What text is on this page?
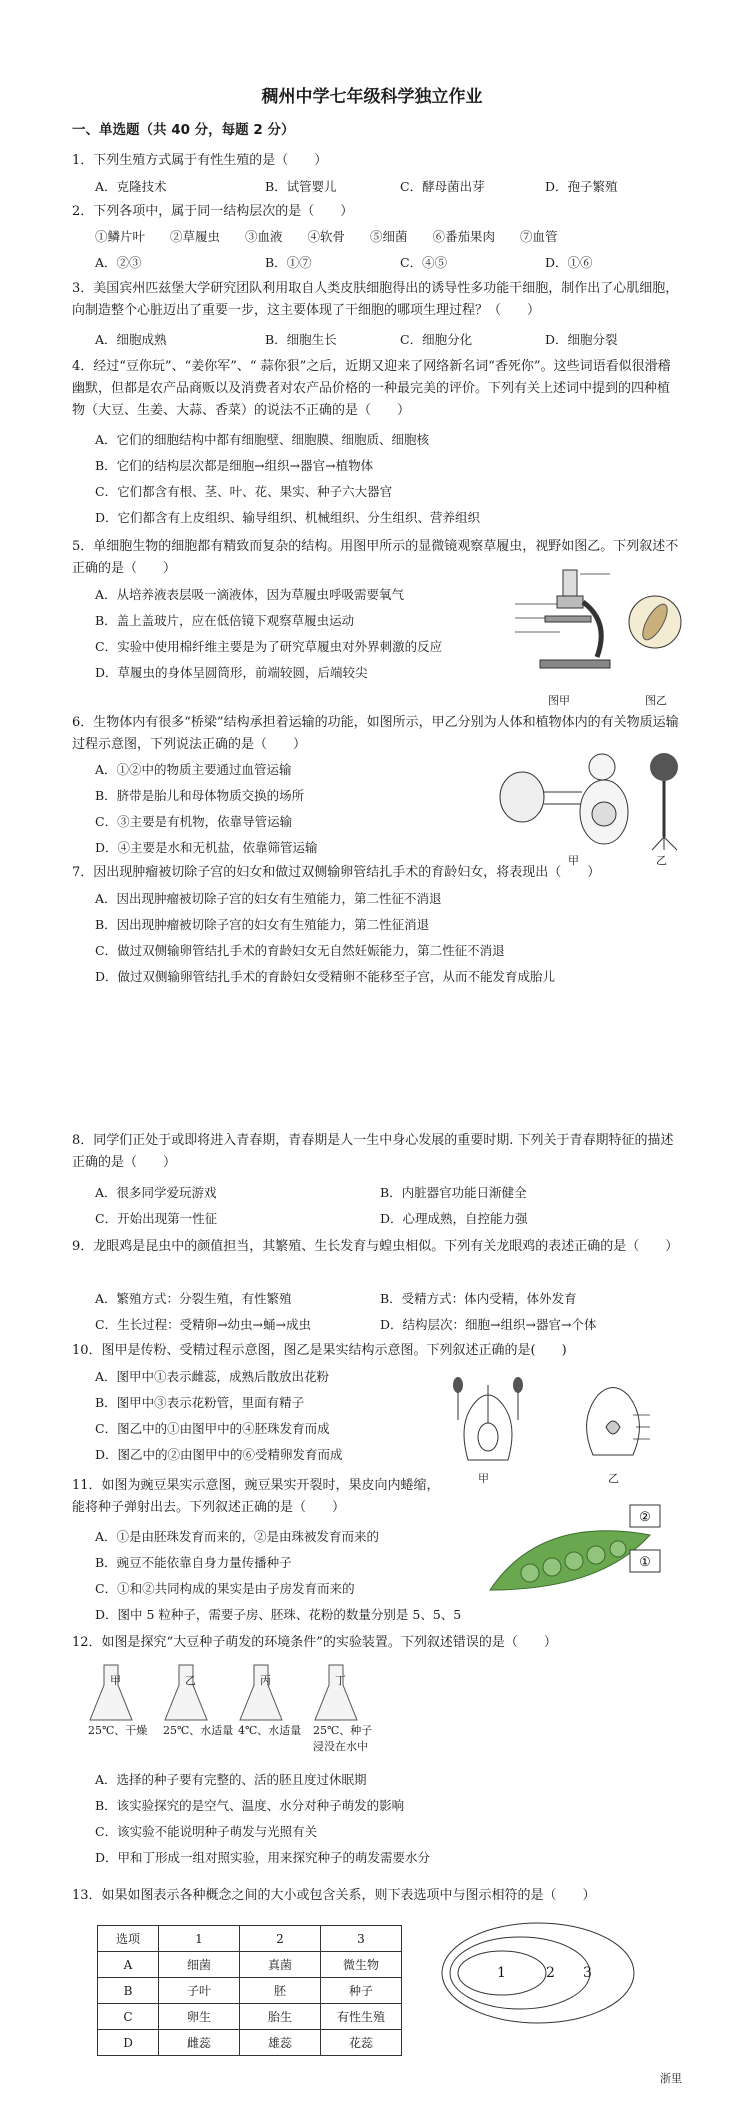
稠州中学七年级科学独立作业
一、单选题（共 40 分，每题 2 分）
1．下列生殖方式属于有性生殖的是（　　）
A．克隆技术	B．试管婴儿	C．酵母菌出芽	D．孢子繁殖
2．下列各项中，属于同一结构层次的是（　　）
①鳞片叶　　②草履虫　　③血液　　④软骨　　⑤细菌　　⑥番茄果肉　　⑦血管
A．②③	B．①⑦	C．④⑤	D．①⑥
3．美国宾州匹兹堡大学研究团队利用取自人类皮肤细胞得出的诱导性多功能干细胞，制作出了心肌细胞，向制造整个心脏迈出了重要一步，这主要体现了干细胞的哪项生理过程？（　　）
A．细胞成熟	B．细胞生长	C．细胞分化	D．细胞分裂
4．经过“豆你玩”、“姜你军”、“ 蒜你狠”之后，近期又迎来了网络新名词“香死你”。这些词语看似很滑稽幽默，但都是农产品商贩以及消费者对农产品价格的一种最完美的评价。下列有关上述词中提到的四种植物（大豆、生姜、大蒜、香菜）的说法不正确的是（　　）
A．它们的细胞结构中都有细胞壁、细胞膜、细胞质、细胞核
B．它们的结构层次都是细胞→组织→器官→植物体
C．它们都含有根、茎、叶、花、果实、种子六大器官
D．它们都含有上皮组织、输导组织、机械组织、分生组织、营养组织
5．单细胞生物的细胞都有精致而复杂的结构。用图甲所示的显微镜观察草履虫，视野如图乙。下列叙述不正确的是（　　）
A．从培养液表层吸一滴液体，因为草履虫呼吸需要氧气
B．盖上盖玻片，应在低倍镜下观察草履虫运动
C．实验中使用棉纤维主要是为了研究草履虫对外界刺激的反应
D．草履虫的身体呈圆筒形，前端较圆，后端较尖
图甲	图乙
6．生物体内有很多“桥梁”结构承担着运输的功能，如图所示，甲乙分别为人体和植物体内的有关物质运输过程示意图，下列说法正确的是（　　）
A．①②中的物质主要通过血管运输
B．脐带是胎儿和母体物质交换的场所
C．③主要是有机物，依靠导管运输
D．④主要是水和无机盐，依靠筛管运输
甲	乙
7．因出现肿瘤被切除子宫的妇女和做过双侧输卵管结扎手术的育龄妇女，将表现出（　　）
A．因出现肿瘤被切除子宫的妇女有生殖能力，第二性征不消退
B．因出现肿瘤被切除子宫的妇女有生殖能力，第二性征消退
C．做过双侧输卵管结扎手术的育龄妇女无自然妊娠能力，第二性征不消退
D．做过双侧输卵管结扎手术的育龄妇女受精卵不能移至子宫，从而不能发育成胎儿
8．同学们正处于或即将进入青春期，青春期是人一生中身心发展的重要时期. 下列关于青春期特征的描述正确的是（　　）
A．很多同学爱玩游戏	B．内脏器官功能日渐健全
C．开始出现第一性征	D．心理成熟，自控能力强
9．龙眼鸡是昆虫中的颜值担当，其繁殖、生长发育与蝗虫相似。下列有关龙眼鸡的表述正确的是（　　）
A．繁殖方式：分裂生殖，有性繁殖	B．受精方式：体内受精，体外发育
C．生长过程：受精卵→幼虫→蛹→成虫	D．结构层次：细胞→组织→器官→个体
10．图甲是传粉、受精过程示意图，图乙是果实结构示意图。下列叙述正确的是(　　)
A．图甲中①表示雌蕊，成熟后散放出花粉
B．图甲中③表示花粉管，里面有精子
C．图乙中的①由图甲中的④胚珠发育而成
D．图乙中的②由图甲中的⑥受精卵发育而成
甲	乙
11．如图为豌豆果实示意图，豌豆果实开裂时，果皮向内蜷缩，能将种子弹射出去。下列叙述正确的是（　　）
A．①是由胚珠发育而来的，②是由珠被发育而来的
B．豌豆不能依靠自身力量传播种子
C．①和②共同构成的果实是由子房发育而来的
D．图中 5 粒种子，需要子房、胚珠、花粉的数量分别是 5、5、5
②
①
12．如图是探究“大豆种子萌发的环境条件”的实验装置。下列叙述错误的是（　　）
甲	乙	丙	丁
25℃、干燥 25℃、水适量 4℃、水适量 25℃、种子浸没在水中
A．选择的种子要有完整的、活的胚且度过休眠期
B．该实验探究的是空气、温度、水分对种子萌发的影响
C．该实验不能说明种子萌发与光照有关
D．甲和丁形成一组对照实验，用来探究种子的萌发需要水分
13．如果如图表示各种概念之间的大小或包含关系，则下表选项中与图示相符的是（　　）
选项	1	2	3
A	细菌	真菌	微生物
B	子叶	胚	种子
C	卵生	胎生	有性生殖
D	雌蕊	雄蕊	花蕊
1	2 3
浙里
